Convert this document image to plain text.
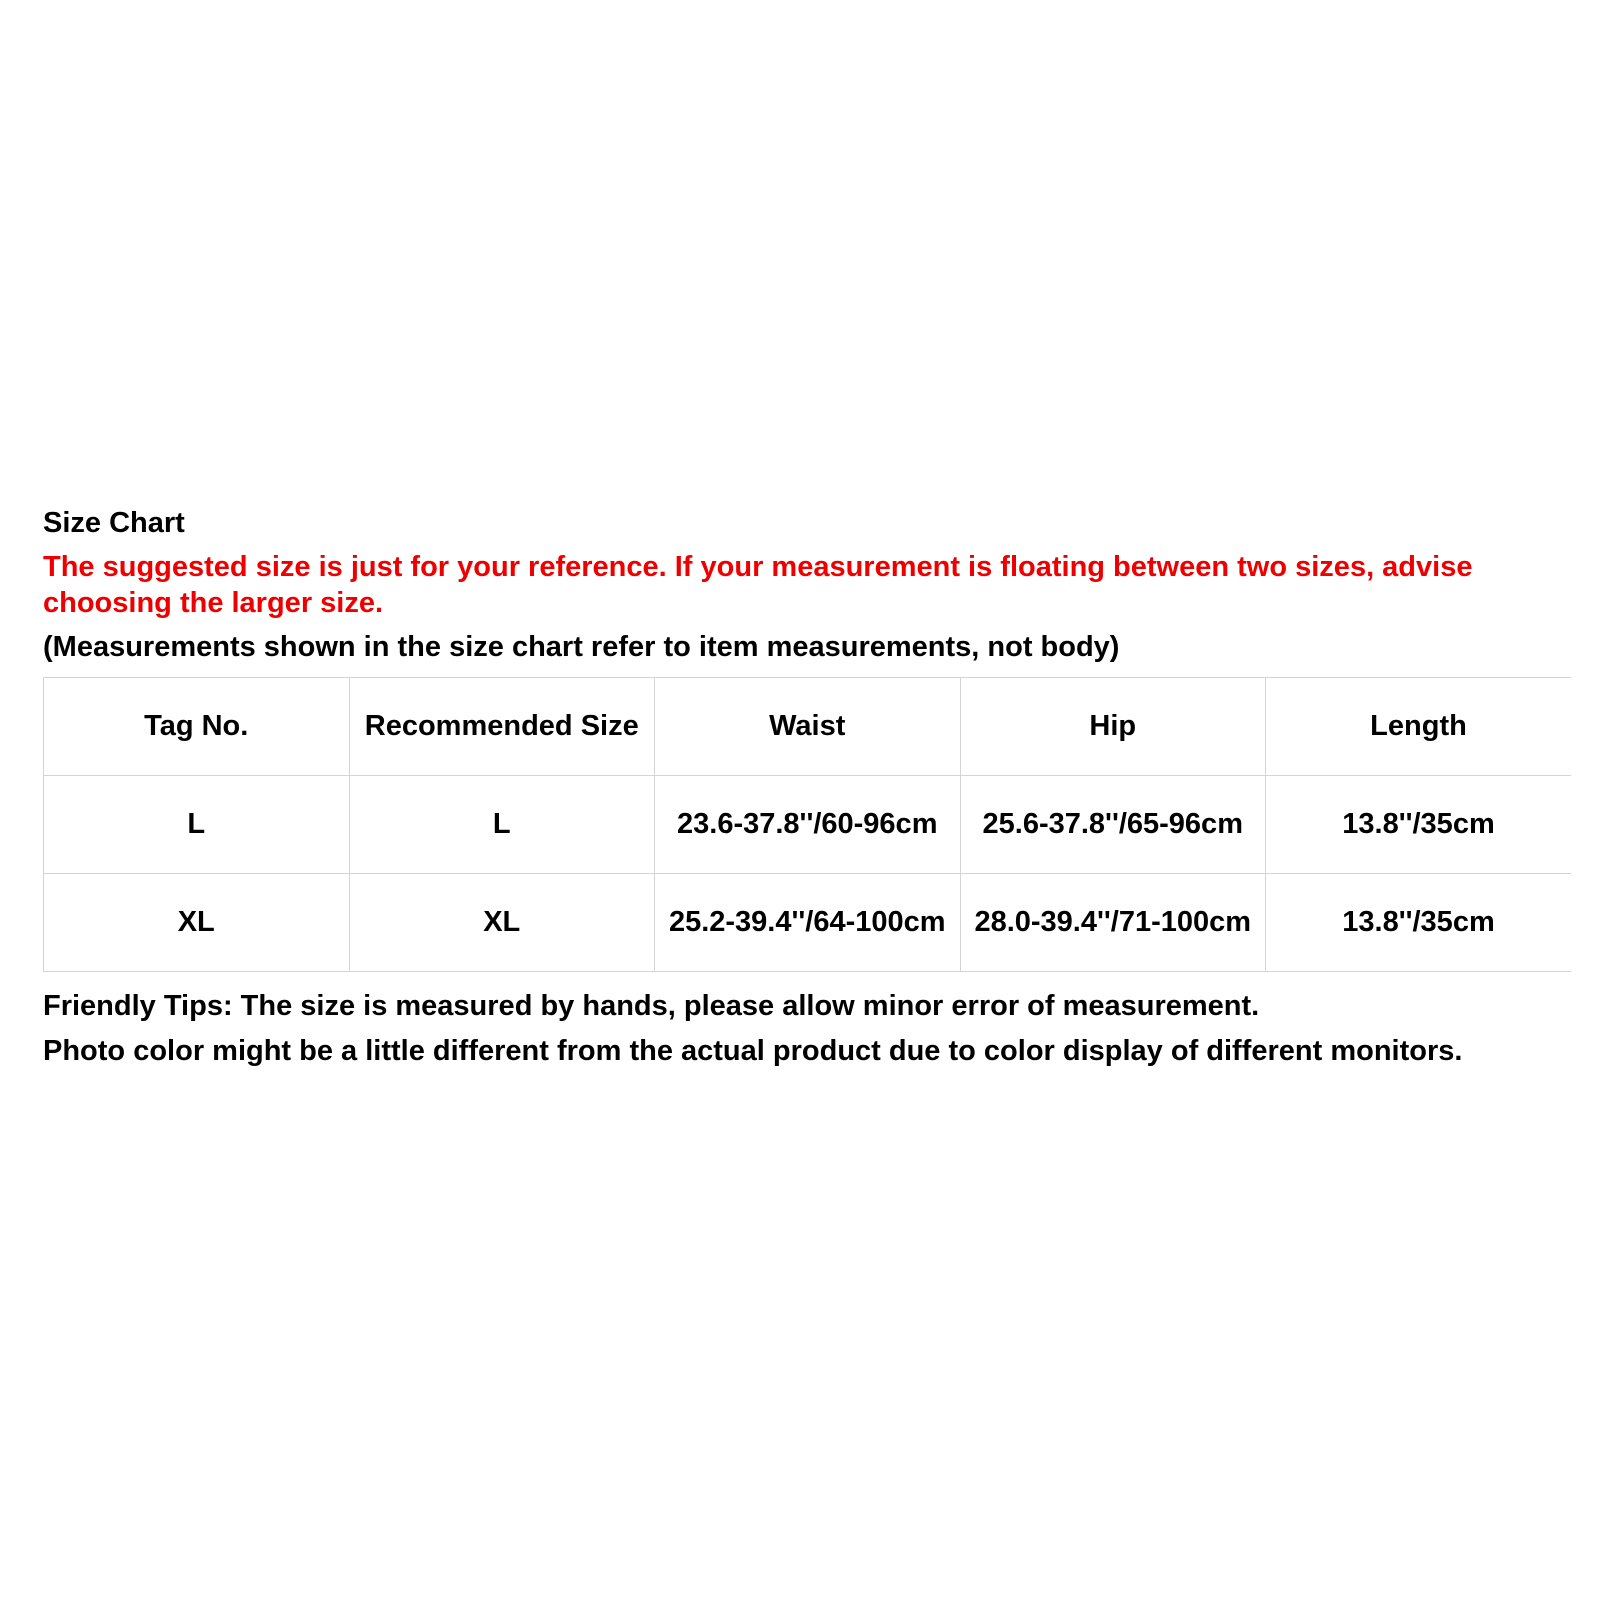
Size Chart

The suggested size is just for your reference. If your measurement is floating between two sizes, advise choosing the larger size.

(Measurements shown in the size chart refer to item measurements, not body)

Tag No.	Recommended Size	Waist	Hip	Length
L	L	23.6-37.8''/60-96cm	25.6-37.8''/65-96cm	13.8''/35cm
XL	XL	25.2-39.4''/64-100cm	28.0-39.4''/71-100cm	13.8''/35cm
Friendly Tips: The size is measured by hands, please allow minor error of measurement.
Photo color might be a little different from the actual product due to color display of different monitors.
